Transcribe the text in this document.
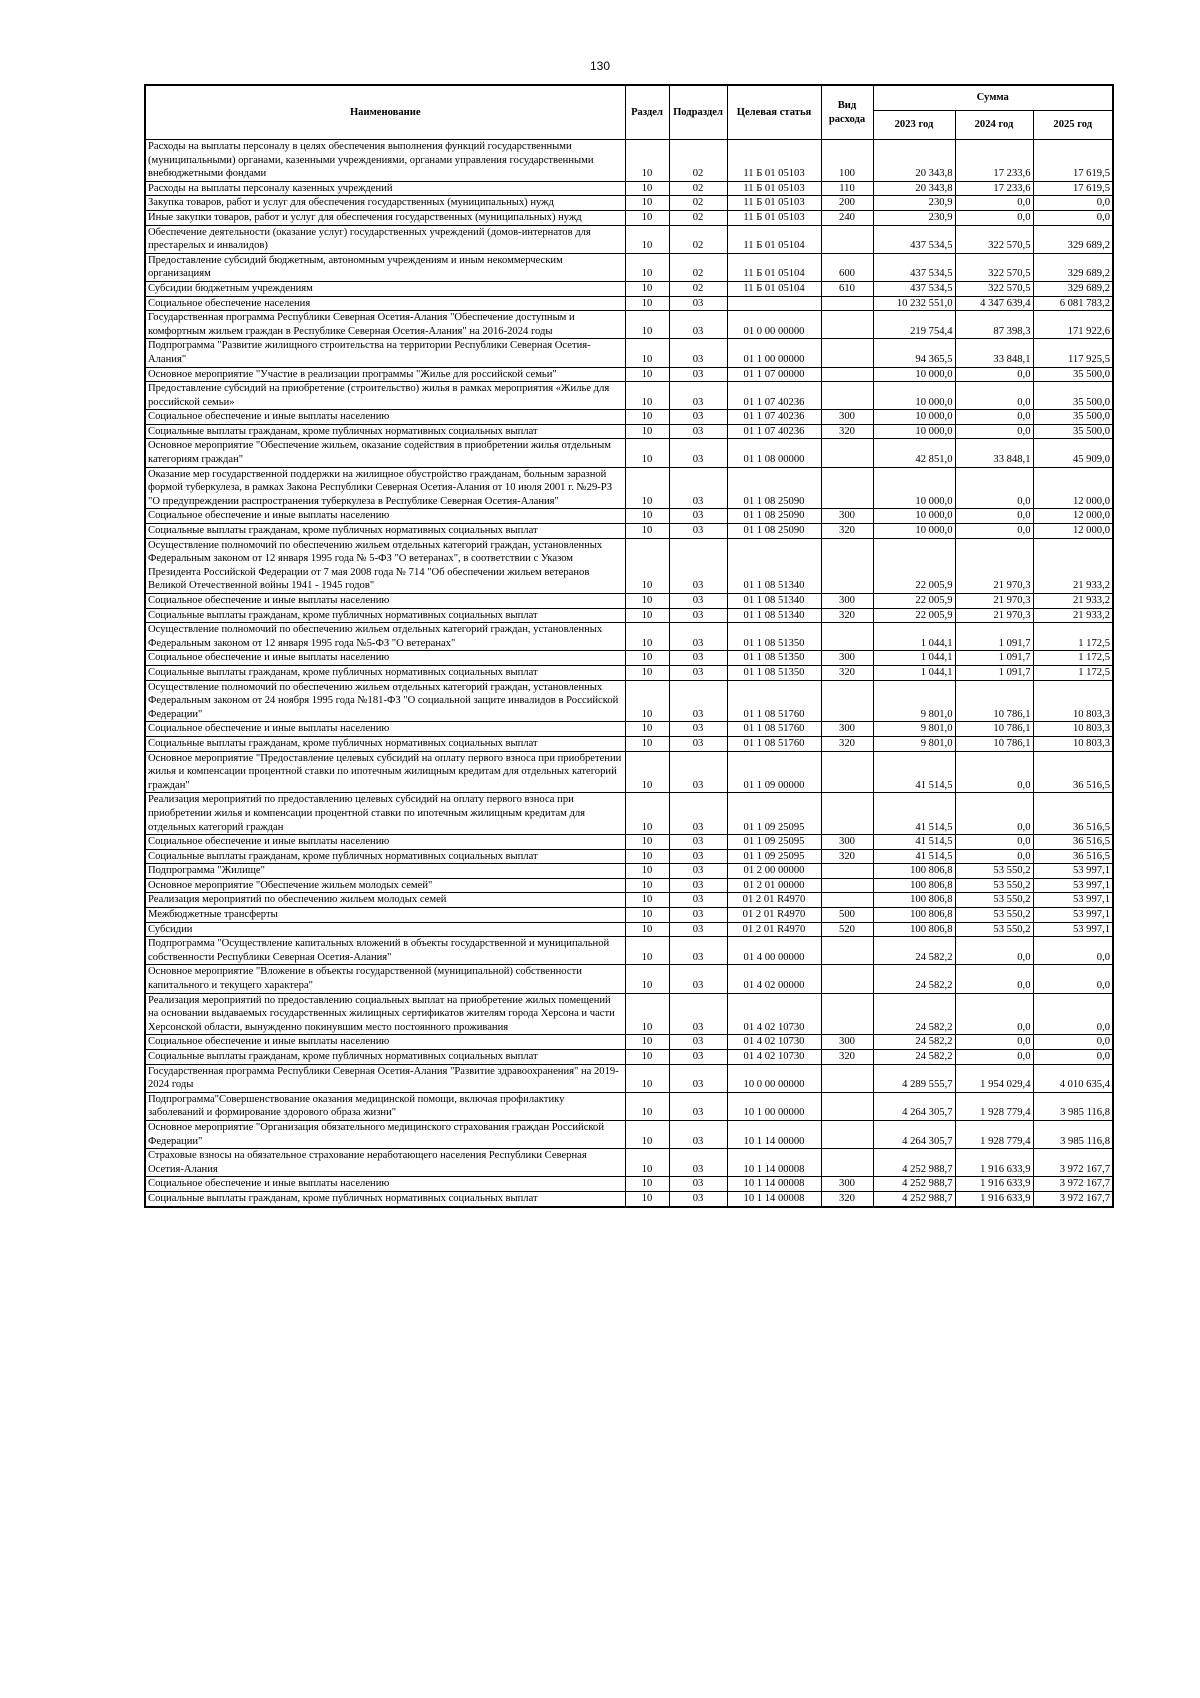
130
Наименование	Раздел	Подраздел	Целевая статья	Вид расхода	Сумма		
					2023 год	2024 год	2025 год
Расходы на выплаты персоналу в целях обеспечения выполнения функций государственными (муниципальными) органами, казенными учреждениями, органами управления государственными внебюджетными фондами	10	02	11 Б 01 05103	100	20 343,8	17 233,6	17 619,5
Расходы на выплаты персоналу казенных учреждений	10	02	11 Б 01 05103	110	20 343,8	17 233,6	17 619,5
Закупка товаров, работ и услуг для обеспечения государственных (муниципальных) нужд	10	02	11 Б 01 05103	200	230,9	0,0	0,0
Иные закупки товаров, работ и услуг для обеспечения государственных (муниципальных) нужд	10	02	11 Б 01 05103	240	230,9	0,0	0,0
Обеспечение деятельности (оказание услуг) государственных учреждений (домов-интернатов для престарелых и инвалидов)	10	02	11 Б 01 05104		437 534,5	322 570,5	329 689,2
Предоставление субсидий бюджетным, автономным учреждениям и иным некоммерческим организациям	10	02	11 Б 01 05104	600	437 534,5	322 570,5	329 689,2
Субсидии бюджетным учреждениям	10	02	11 Б 01 05104	610	437 534,5	322 570,5	329 689,2
Социальное обеспечение населения	10	03			10 232 551,0	4 347 639,4	6 081 783,2
Государственная программа Республики Северная Осетия-Алания "Обеспечение доступным и комфортным жильем граждан в Республике Северная Осетия-Алания" на 2016-2024 годы	10	03	01 0 00 00000		219 754,4	87 398,3	171 922,6
Подпрограмма "Развитие жилищного строительства на территории Республики Северная Осетия-Алания"	10	03	01 1 00 00000		94 365,5	33 848,1	117 925,5
Основное мероприятие "Участие в реализации программы "Жилье для российской семьи"	10	03	01 1 07 00000		10 000,0	0,0	35 500,0
Предоставление субсидий на приобретение (строительство) жилья в рамках мероприятия «Жилье для российской семьи»	10	03	01 1 07 40236		10 000,0	0,0	35 500,0
Социальное обеспечение и иные выплаты населению	10	03	01 1 07 40236	300	10 000,0	0,0	35 500,0
Социальные выплаты гражданам, кроме публичных нормативных социальных выплат	10	03	01 1 07 40236	320	10 000,0	0,0	35 500,0
Основное мероприятие "Обеспечение жильем, оказание содействия в приобретении жилья отдельным категориям граждан"	10	03	01 1 08 00000		42 851,0	33 848,1	45 909,0
Оказание мер государственной поддержки на жилищное обустройство гражданам, больным заразной формой туберкулеза, в рамках Закона Республики Северная Осетия-Алания от 10 июля 2001 г. №29-РЗ "О предупреждении распространения туберкулеза в Республике Северная Осетия-Алания"	10	03	01 1 08 25090		10 000,0	0,0	12 000,0
Социальное обеспечение и иные выплаты населению	10	03	01 1 08 25090	300	10 000,0	0,0	12 000,0
Социальные выплаты гражданам, кроме публичных нормативных социальных выплат	10	03	01 1 08 25090	320	10 000,0	0,0	12 000,0
Осуществление полномочий по обеспечению жильем отдельных категорий граждан, установленных Федеральным законом от 12 января 1995 года № 5-ФЗ "О ветеранах", в соответствии с Указом Президента Российской Федерации от 7 мая 2008 года № 714 "Об обеспечении жильем ветеранов Великой Отечественной войны 1941 - 1945 годов"	10	03	01 1 08 51340		22 005,9	21 970,3	21 933,2
Социальное обеспечение и иные выплаты населению	10	03	01 1 08 51340	300	22 005,9	21 970,3	21 933,2
Социальные выплаты гражданам, кроме публичных нормативных социальных выплат	10	03	01 1 08 51340	320	22 005,9	21 970,3	21 933,2
Осуществление полномочий по обеспечению жильем отдельных категорий граждан, установленных Федеральным законом от 12 января 1995 года №5-ФЗ "О ветеранах"	10	03	01 1 08 51350		1 044,1	1 091,7	1 172,5
Социальное обеспечение и иные выплаты населению	10	03	01 1 08 51350	300	1 044,1	1 091,7	1 172,5
Социальные выплаты гражданам, кроме публичных нормативных социальных выплат	10	03	01 1 08 51350	320	1 044,1	1 091,7	1 172,5
Осуществление полномочий по обеспечению жильем отдельных категорий граждан, установленных Федеральным законом от 24 ноября 1995 года №181-ФЗ "О социальной защите инвалидов в Российской Федерации"	10	03	01 1 08 51760		9 801,0	10 786,1	10 803,3
Социальное обеспечение и иные выплаты населению	10	03	01 1 08 51760	300	9 801,0	10 786,1	10 803,3
Социальные выплаты гражданам, кроме публичных нормативных социальных выплат	10	03	01 1 08 51760	320	9 801,0	10 786,1	10 803,3
Основное мероприятие "Предоставление целевых субсидий на оплату первого взноса при приобретении жилья и компенсации процентной ставки по ипотечным жилищным кредитам для отдельных категорий граждан"	10	03	01 1 09 00000		41 514,5	0,0	36 516,5
Реализация мероприятий по предоставлению целевых субсидий на оплату первого взноса при приобретении жилья и компенсации процентной ставки по ипотечным жилищным кредитам для отдельных категорий граждан	10	03	01 1 09 25095		41 514,5	0,0	36 516,5
Социальное обеспечение и иные выплаты населению	10	03	01 1 09 25095	300	41 514,5	0,0	36 516,5
Социальные выплаты гражданам, кроме публичных нормативных социальных выплат	10	03	01 1 09 25095	320	41 514,5	0,0	36 516,5
Подпрограмма "Жилище"	10	03	01 2 00 00000		100 806,8	53 550,2	53 997,1
Основное мероприятие "Обеспечение жильем молодых семей"	10	03	01 2 01 00000		100 806,8	53 550,2	53 997,1
Реализация мероприятий по обеспечению жильем молодых семей	10	03	01 2 01 R4970		100 806,8	53 550,2	53 997,1
Межбюджетные трансферты	10	03	01 2 01 R4970	500	100 806,8	53 550,2	53 997,1
Субсидии	10	03	01 2 01 R4970	520	100 806,8	53 550,2	53 997,1
Подпрограмма "Осуществление капитальных вложений в объекты государственной и муниципальной собственности Республики Северная Осетия-Алания"	10	03	01 4 00 00000		24 582,2	0,0	0,0
Основное мероприятие "Вложение в объекты государственной (муниципальной) собственности капитального и текущего характера"	10	03	01 4 02 00000		24 582,2	0,0	0,0
Реализация мероприятий по предоставлению социальных выплат на приобретение жилых помещений на основании выдаваемых государственных жилищных сертификатов жителям города Херсона и части Херсонской области, вынужденно покинувшим место постоянного проживания	10	03	01 4 02 10730		24 582,2	0,0	0,0
Социальное обеспечение и иные выплаты населению	10	03	01 4 02 10730	300	24 582,2	0,0	0,0
Социальные выплаты гражданам, кроме публичных нормативных социальных выплат	10	03	01 4 02 10730	320	24 582,2	0,0	0,0
Государственная программа Республики Северная Осетия-Алания "Развитие здравоохранения" на 2019-2024 годы	10	03	10 0 00 00000		4 289 555,7	1 954 029,4	4 010 635,4
Подпрограмма"Совершенствование оказания медицинской помощи, включая профилактику заболеваний и формирование здорового образа жизни"	10	03	10 1 00 00000		4 264 305,7	1 928 779,4	3 985 116,8
Основное мероприятие "Организация обязательного медицинского страхования граждан Российской Федерации"	10	03	10 1 14 00000		4 264 305,7	1 928 779,4	3 985 116,8
Страховые взносы на обязательное страхование неработающего населения Республики Северная Осетия-Алания	10	03	10 1 14 00008		4 252 988,7	1 916 633,9	3 972 167,7
Социальное обеспечение и иные выплаты населению	10	03	10 1 14 00008	300	4 252 988,7	1 916 633,9	3 972 167,7
Социальные выплаты гражданам, кроме публичных нормативных социальных выплат	10	03	10 1 14 00008	320	4 252 988,7	1 916 633,9	3 972 167,7
